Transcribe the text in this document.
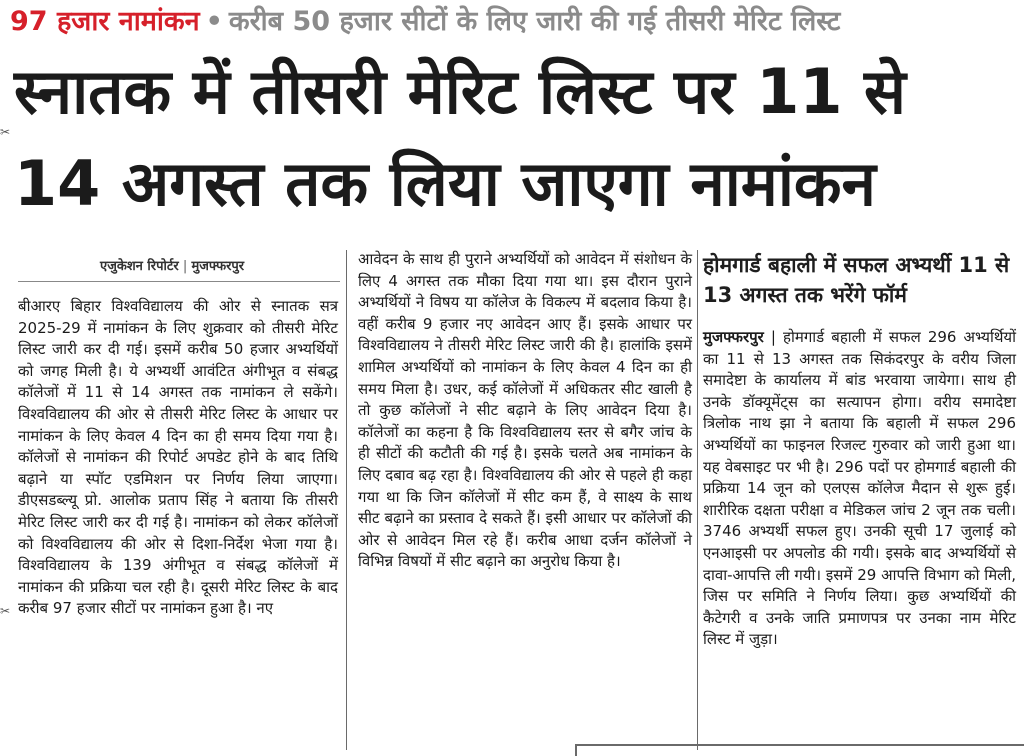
97 हजार नामांकन • करीब 50 हजार सीटों के लिए जारी की गई तीसरी मेरिट लिस्ट
स्नातक में तीसरी मेरिट लिस्ट पर 11 से
14 अगस्त तक लिया जाएगा नामांकन
✂
✂
एजुकेशन रिपोर्टर | मुजफ्फरपुर
बीआरए बिहार विश्वविद्यालय की ओर से स्नातक सत्र 2025-29 में नामांकन के लिए शुक्रवार को तीसरी मेरिट लिस्ट जारी कर दी गई। इसमें करीब 50 हजार अभ्यर्थियों को जगह मिली है। ये अभ्यर्थी आवंटित अंगीभूत व संबद्ध कॉलेजों में 11 से 14 अगस्त तक नामांकन ले सकेंगे। विश्वविद्यालय की ओर से तीसरी मेरिट लिस्ट के आधार पर नामांकन के लिए केवल 4 दिन का ही समय दिया गया है। कॉलेजों से नामांकन की रिपोर्ट अपडेट होने के बाद तिथि बढ़ाने या स्पॉट एडमिशन पर निर्णय लिया जाएगा। डीएसडब्ल्यू प्रो. आलोक प्रताप सिंह ने बताया कि तीसरी मेरिट लिस्ट जारी कर दी गई है। नामांकन को लेकर कॉलेजों को विश्वविद्यालय की ओर से दिशा-निर्देश भेजा गया है। विश्वविद्यालय के 139 अंगीभूत व संबद्ध कॉलेजों में नामांकन की प्रक्रिया चल रही है। दूसरी मेरिट लिस्ट के बाद करीब 97 हजार सीटों पर नामांकन हुआ है। नए
आवेदन के साथ ही पुराने अभ्यर्थियों को आवेदन में संशोधन के लिए 4 अगस्त तक मौका दिया गया था। इस दौरान पुराने अभ्यर्थियों ने विषय या कॉलेज के विकल्प में बदलाव किया है। वहीं करीब 9 हजार नए आवेदन आए हैं। इसके आधार पर विश्वविद्यालय ने तीसरी मेरिट लिस्ट जारी की है। हालांकि इसमें शामिल अभ्यर्थियों को नामांकन के लिए केवल 4 दिन का ही समय मिला है। उधर, कई कॉलेजों में अधिकतर सीट खाली है तो कुछ कॉलेजों ने सीट बढ़ाने के लिए आवेदन दिया है। कॉलेजों का कहना है कि विश्वविद्यालय स्तर से बगैर जांच के ही सीटों की कटौती की गई है। इसके चलते अब नामांकन के लिए दबाव बढ़ रहा है। विश्वविद्यालय की ओर से पहले ही कहा गया था कि जिन कॉलेजों में सीट कम हैं, वे साक्ष्य के साथ सीट बढ़ाने का प्रस्ताव दे सकते हैं। इसी आधार पर कॉलेजों की ओर से आवेदन मिल रहे हैं। करीब आधा दर्जन कॉलेजों ने विभिन्न विषयों में सीट बढ़ाने का अनुरोध किया है।
होमगार्ड बहाली में सफल अभ्यर्थी 11 से 13 अगस्त तक भरेंगे फॉर्म
मुजफ्फरपुर | होमगार्ड बहाली में सफल 296 अभ्यर्थियों का 11 से 13 अगस्त तक सिकंदरपुर के वरीय जिला समादेष्टा के कार्यालय में बांड भरवाया जायेगा। साथ ही उनके डॉक्यूमेंट्स का सत्यापन होगा। वरीय समादेष्टा त्रिलोक नाथ झा ने बताया कि बहाली में सफल 296 अभ्यर्थियों का फाइनल रिजल्ट गुरुवार को जारी हुआ था। यह वेबसाइट पर भी है। 296 पदों पर होमगार्ड बहाली की प्रक्रिया 14 जून को एलएस कॉलेज मैदान से शुरू हुई। शारीरिक दक्षता परीक्षा व मेडिकल जांच 2 जून तक चली। 3746 अभ्यर्थी सफल हुए। उनकी सूची 17 जुलाई को एनआइसी पर अपलोड की गयी। इसके बाद अभ्यर्थियों से दावा-आपत्ति ली गयी। इसमें 29 आपत्ति विभाग को मिली, जिस पर समिति ने निर्णय लिया। कुछ अभ्यर्थियों की कैटेगरी व उनके जाति प्रमाणपत्र पर उनका नाम मेरिट लिस्ट में जुड़ा।
